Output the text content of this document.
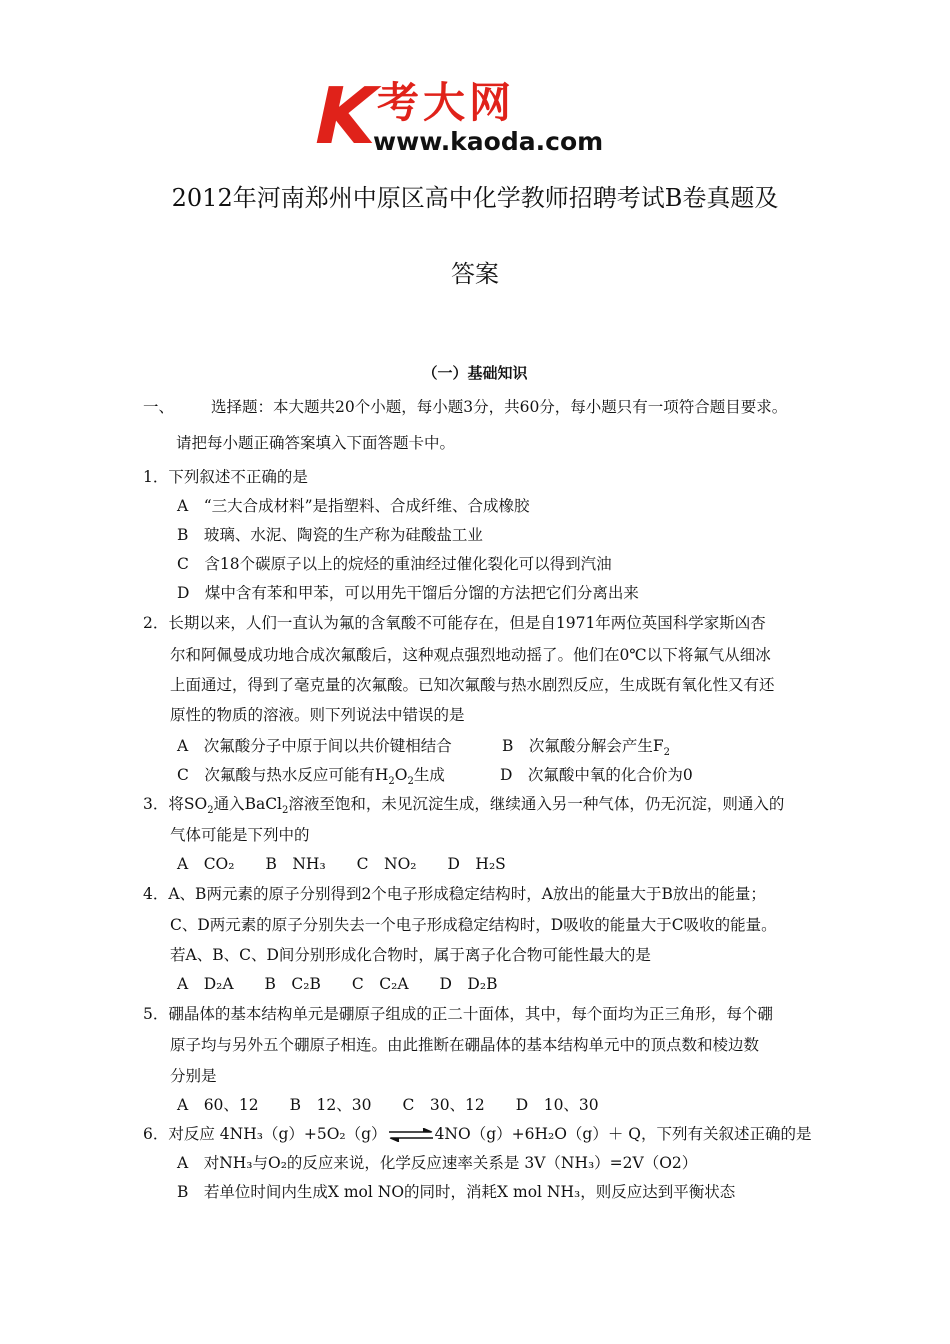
K
考大网
www.kaoda.com
2012年河南郑州中原区高中化学教师招聘考试B卷真题及
答案
（一）基础知识
一、 选择题：本大题共20个小题，每小题3分，共60分，每小题只有一项符合题目要求。
请把每小题正确答案填入下面答题卡中。
1．下列叙述不正确的是
A　“三大合成材料”是指塑料、合成纤维、合成橡胶
B　玻璃、水泥、陶瓷的生产称为硅酸盐工业
C　含18个碳原子以上的烷烃的重油经过催化裂化可以得到汽油
D　煤中含有苯和甲苯，可以用先干馏后分馏的方法把它们分离出来
2．长期以来，人们一直认为氟的含氧酸不可能存在，但是自1971年两位英国科学家斯凶杏
尔和阿佩曼成功地合成次氟酸后，这种观点强烈地动摇了。他们在0℃以下将氟气从细冰
上面通过，得到了毫克量的次氟酸。已知次氟酸与热水剧烈反应，生成既有氧化性又有还
原性的物质的溶液。则下列说法中错误的是
A　次氟酸分子中原于间以共价键相结合	B　次氟酸分解会产生$F_2$
C　次氟酸与热水反应可能有$H_2O_2$生成	D　次氟酸中氧的化合价为0
3．将$SO_2$通入BaCl$_2$溶液至饱和，未见沉淀生成，继续通入另一种气体，仍无沉淀，则通入的
气体可能是下列中的
A　CO₂　　B　NH₃　　C　NO₂　　D　H₂S
4．A、B两元素的原子分别得到2个电子形成稳定结构时，A放出的能量大于B放出的能量；
C、D两元素的原子分别失去一个电子形成稳定结构时，D吸收的能量大于C吸收的能量。
若A、B、C、D间分别形成化合物时，属于离子化合物可能性最大的是
A　D₂A　　B　C₂B　　C　C₂A　　D　D₂B
5．硼晶体的基本结构单元是硼原子组成的正二十面体，其中，每个面均为正三角形，每个硼
原子均与另外五个硼原子相连。由此推断在硼晶体的基本结构单元中的顶点数和棱边数
分别是
A　60、12　　B　12、30　　C　30、12　　D　10、30
6．对反应 4NH₃（g）+5O₂（g）⇌4NO（g）+6H₂O（g）＋ Q，下列有关叙述正确的是
A　对NH₃与O₂的反应来说，化学反应速率关系是 3V（NH₃）=2V（O2）
B　若单位时间内生成X mol NO的同时，消耗X mol NH₃，则反应达到平衡状态
